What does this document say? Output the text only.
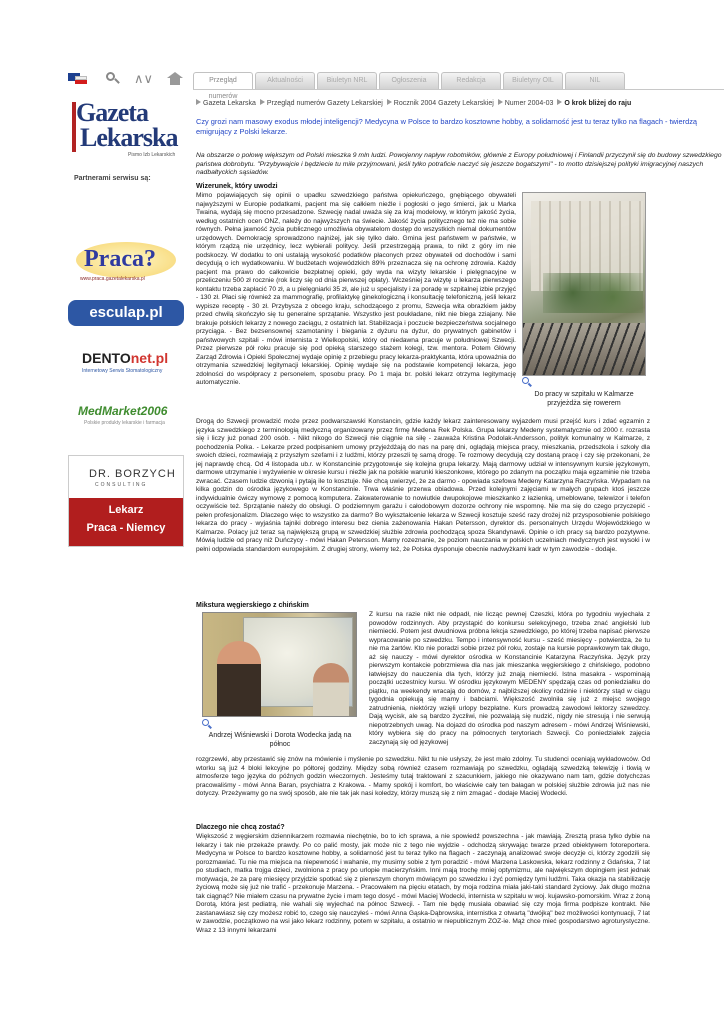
∧∨	Przegląd numerów
Aktualności	Biuletyn NRL	Ogłoszenia	Redakcja	Biuletyny OIL	NIL
Gazeta
Lekarska
Pismo Izb Lekarskich
Partnerami serwisu są:
Praca?
www.praca.gazetalekarska.pl
esculap.pl
DENTOnet.pl
Internetowy Serwis Stomatologiczny
MedMarket2006
Polskie produkty lekarskie i farmacja
DR. BORZYCH
CONSULTING
Lekarz
Praca - Niemcy
Gazeta Lekarska Przegląd numerów Gazety Lekarskiej Rocznik 2004 Gazety Lekarskiej Numer 2004-03 O krok bliżej do raju
Czy grozi nam masowy exodus młodej inteligencji? Medycyna w Polsce to bardzo kosztowne hobby, a solidarność jest tu teraz tylko na flagach - twierdzą emigrujący z Polski lekarze.
Na obszarze o połowę większym od Polski mieszka 9 mln ludzi. Powojenny napływ robotników, głównie z Europy południowej i Finlandii przyczynił się do budowy szwedzkiego państwa dobrobytu. "Przybywajcie i będziecie tu mile przyjmowani, jeśli tylko potraficie naczyć się jeszcze bogatszymi" - to motto dzisiejszej polityki imigracyjnej naszych nadbałtyckich sąsiadów.
Wizerunek, który uwodzi
Mimo pojawiających się opinii o upadku szwedzkiego państwa opiekuńczego, gnębiącego obywateli najwyższymi w Europie podatkami, pacjent ma się całkiem nieźle i pogłoski o jego śmierci, jak u Marka Twaina, wydają się mocno przesadzone. Szwecję nadal uważa się za kraj modelowy, w którym jakość życia, według ostatnich ocen ONZ, należy do najwyższych na świecie. Jakość życia politycznego też nie ma sobie równych. Pełna jawność życia publicznego umożliwia obywatelom dostęp do wszystkich niemal dokumentów urzędowych. Demokrację sprowadzono najniżej, jak się tylko dało. Gmina jest państwem w państwie, w którym rządzą nie urzędnicy, lecz wybierali politycy. Jeśli przestrzegają prawa, to nikt z góry im nie podskoczy. W dodatku to oni ustalają wysokość podatków płaconych przez obywateli od dochodów i sami decydują o ich wydatkowaniu. W budżetach wojewódzkich 89% przeznacza się na ochronę zdrowia. Każdy pacjent ma prawo do całkowicie bezpłatnej opieki, gdy wyda na wizyty lekarskie i pielęgnacyjne w przeliczeniu 500 zł rocznie (rok liczy się od dnia pierwszej opłaty). Wcześniej za wizytę u lekarza pierwszego kontaktu trzeba zapłacić 70 zł, a u pielęgniarki 35 zł, ale już u specjalisty i za poradę w szpitalnej izbie przyjęć - 130 zł. Płaci się również za mammografię, profilaktykę ginekologiczną i konsultację telefoniczną, jeśli lekarz wypisze receptę - 30 zł. Przybysza z obcego kraju, schodzącego z promu, Szwecja wita obrazkiem jakby przed chwilą skończyło się tu generalne sprzątanie. Wszystko jest poukładane, nikt nie biega zziajany. Nie brakuje polskich lekarzy z nowego zaciągu, z ostatnich lat. Stabilizacja i poczucie bezpieczeństwa socjalnego przyciąga. - Bez bezsensownej szamotaniny i biegania z dyżuru na dyżur, do prywatnych gabinetów i państwowych szpitali - mówi internista z Wielkopolski, który od niedawna pracuje w południowej Szwecji. Przez pierwsze pół roku pracuje się pod opieką starszego stażem kolegi, tzw. mentora. Potem Główny Zarząd Zdrowia i Opieki Społecznej wydaje opinię z przebiegu pracy lekarza-praktykanta, która upoważnia do otrzymania szwedzkiej legitymacji lekarskiej. Opinię wydaje się na podstawie kompetencji lekarza, jego zdolności do współpracy z personelem, sposobu pracy. Po 1 maja br. polski lekarz otrzyma legitymację automatycznie.
Do pracy w szpitalu w Kalmarze przyjeżdża się rowerem
Drogą do Szwecji prowadzić może przez podwarszawski Konstancin, gdzie każdy lekarz zainteresowany wyjazdem musi przejść kurs i zdać egzamin z języka szwedzkiego z terminologią medyczną organizowany przez firmę Medena Rek Polska. Grupa lekarzy Medeny systematycznie od 2000 r. rozrasta się i liczy już ponad 200 osób. - Nikt nikogo do Szwecji nie ciągnie na siłę - zauważa Kristina Podolak-Andersson, polityk komunalny w Kalmarze, z pochodzenia Polka. - Lekarze przed podpisaniem umowy przyjeżdżają do nas na parę dni, oglądają miejsca pracy, mieszkania, przedszkola i szkoły dla swoich dzieci, rozmawiają z przyszłym szefami i z ludźmi, którzy przeszli tę samą drogę. Te rozmowy decydują czy dostaną pracę i czy się przekonani, że jej naprawdę chcą. Od 4 listopada ub.r. w Konstancinie przygotowuje się kolejna grupa lekarzy. Mają darmowy udział w intensywnym kursie językowym, darmowe utrzymanie i wyżywienie w okresie kursu i nieźle jak na polskie warunki kieszonkowe, którego po zdanym na początku maja egzaminie nie trzeba zwracać. Czasem ludzie dzwonią i pytają ile to kosztuje. Nie chcą uwierzyć, że za darmo - opowiada szefowa Medeny Katarzyna Raczyńska. Wypadam na kilka godzin do ośrodka językowego w Konstancinie. Trwa właśnie przerwa obiadowa. Przed kolejnymi zajęciami w małych grupach ktoś jeszcze indywidualnie ćwiczy wymowę z pomocą komputera. Zakwaterowanie to nowiutkie dwupokojowe mieszkanko z łazienką, umeblowane, telewizor i telefon oczywiście też. Sprzątanie należy do obsługi. O podziemnym garażu i całodobowym dozorze ochrony nie wspomnę. Nie ma się do czego przyczepić - pełen profesjonalizm. Dlaczego więc to wszystko za darmo? Bo wykształcenie lekarza w Szwecji kosztuje sześć razy drożej niż przysposobienie polskiego lekarza do pracy - wyjaśnia tajniki dobrego interesu bez cienia zażenowania Hakan Petersson, dyrektor ds. personalnych Urzędu Wojewódzkiego w Kalmarze. Polacy już teraz są największą grupą w szwedzkiej służbie zdrowia pochodzącą spoza Skandynawii. Opinie o ich pracy są bardzo pozytywne. Mówią ludzie od pracy niż Duńczycy - mówi Hakan Petersson. Mamy rozeznanie, że poziom nauczania w polskich uczelniach medycznych jest wysoki i w pełni odpowiada standardom europejskim. Z drugiej strony, wiemy też, że Polska dysponuje obecnie nadwyżkami kadr w tym zawodzie - dodaje.
Mikstura węgierskiego z chińskim
Andrzej Wiśniewski i Dorota Wodecka jadą na północ
Z kursu na razie nikt nie odpadł, nie licząc pewnej Czeszki, która po tygodniu wyjechała z powodów rodzinnych. Aby przystąpić do konkursu selekcyjnego, trzeba znać angielski lub niemiecki. Potem jest dwudniowa próbna lekcja szwedzkiego, po której trzeba napisać pierwsze wypracowanie po szwedzku. Tempo i intensywność kursu - sześć miesięcy - potwierdza, że tu nie ma żartów. Kto nie poradzi sobie przez pół roku, zostaje na kursie poprawkowym tak długo, aż się nauczy - mówi dyrektor ośrodka w Konstancinie Katarzyna Raczyńska. Język przy pierwszym kontakcie pobrzmiewa dla nas jak mieszanka węgierskiego z chińskiego, podobno łatwiejszy do nauczenia dla tych, którzy już znają niemiecki. Istna masakra - wspominają początki uczestnicy kursu. W ośrodku językowym MEDENY spędzają czas od poniedziałku do piątku, na weekendy wracają do domów, z najbliższej okolicy rodzinie i niektórzy stąd w ciągu tygodnia opiekują się mamy i babciami. Większość zwolniła się już z miejsc swojego zatrudnienia, niektórzy wzięli urlopy bezpłatne. Kurs prowadzą zawodowi lektorzy szwedzcy. Dają wycisk, ale są bardzo życzliwi, nie pozwalają się nudzić, nigdy nie stresują i nie serwują niepotrzebnych uwag. Na dojazd do ośrodka pod naszym adresem - mówi Andrzej Wiśniewski, który wybiera się do pracy na północnych terytoriach Szwecji. Co poniedziałek zajęcia zaczynają się od językowej
rozgrzewki, aby przestawić się znów na mówienie i myślenie po szwedzku. Nikt tu nie usłyszy, że jest mało zdolny. Tu studenci oceniają wykładowców. Od wtorku są już 4 bloki lekcyjne po półtorej godziny. Między sobą również czasem rozmawiają po szwedzku, oglądają szwedzką telewizję i tkwią w atmosferze tego języka do późnych godzin wieczornych. Jesteśmy tutaj traktowani z szacunkiem, jakiego nie okazywano nam tam, gdzie dotychczas pracowaliśmy - mówi Anna Baran, psychiatra z Krakowa. - Mamy spokój i komfort, bo właściwie cały ten bałagan w polskiej służbie zdrowia już nas nie dotyczy. Przeżywamy go na swój sposób, ale nie tak jak nasi koledzy, którzy muszą się z nim zmagać - dodaje Maciej Wodecki.
Dlaczego nie chcą zostać?
Większość z węgierskim dziennikarzem rozmawia niechętnie, bo to ich sprawa, a nie spowiedź powszechna - jak mawiają. Zresztą prasa tylko dybie na lekarzy i tak nie przekaże prawdy. Po co palić mosty, jak może nic z tego nie wyjdzie - odchodzą skrywając twarze przed obiektywem fotoreportera. Medycyna w Polsce to bardzo kosztowne hobby, a solidarność jest tu teraz tylko na flagach - zaczynają analizować swoje decyzje ci, którzy zgodzili się porozmawiać. Tu nie ma miejsca na niepewność i wahanie, my musimy sobie z tym poradzić - mówi Marzena Laskowska, lekarz rodzinny z Gdańska, 7 lat po studiach, matka trojga dzieci, zwolniona z pracy po urlopie macierzyńskim. Inni mają trochę mniej optymizmu, ale największym dopingiem jest jednak motywacja, że za parę miesięcy przyjdzie spotkać się z pierwszym chorym mówiącym po szwedzku i żyć pomiędzy tymi ludźmi. Taka okazja na stabilizację życiową może się już nie trafić - przekonuje Marzena. - Pracowałem na pięciu etatach, by moja rodzina miała jaki-taki standard życiowy. Jak długo można tak ciągnąć? Nie miałem czasu na prywatne życie i mam tego dosyć - mówi Maciej Wodecki, internista w szpitalu w woj. kujawsko-pomorskim. Wraz z żoną Dorotą, która jest pediatrą, nie wahali się wyjechać na północ Szwecji. - Tam nie będę musiała obawiać się czy moja firma podpisze kontrakt. Nie zastanawiasz się czy możesz robić to, czego się nauczyłeś - mówi Anna Gąska-Dąbrowska, internistka z otwartą "dwójką" bez możliwości kontynuacji, 7 lat w zawodzie, początkowo na wsi jako lekarz rodzinny, potem w szpitalu, a ostatnio w niepublicznym ZOZ-ie. Mąż chce mieć gospodarstwo agroturystyczne. Wraz z 13 innymi lekarzami
